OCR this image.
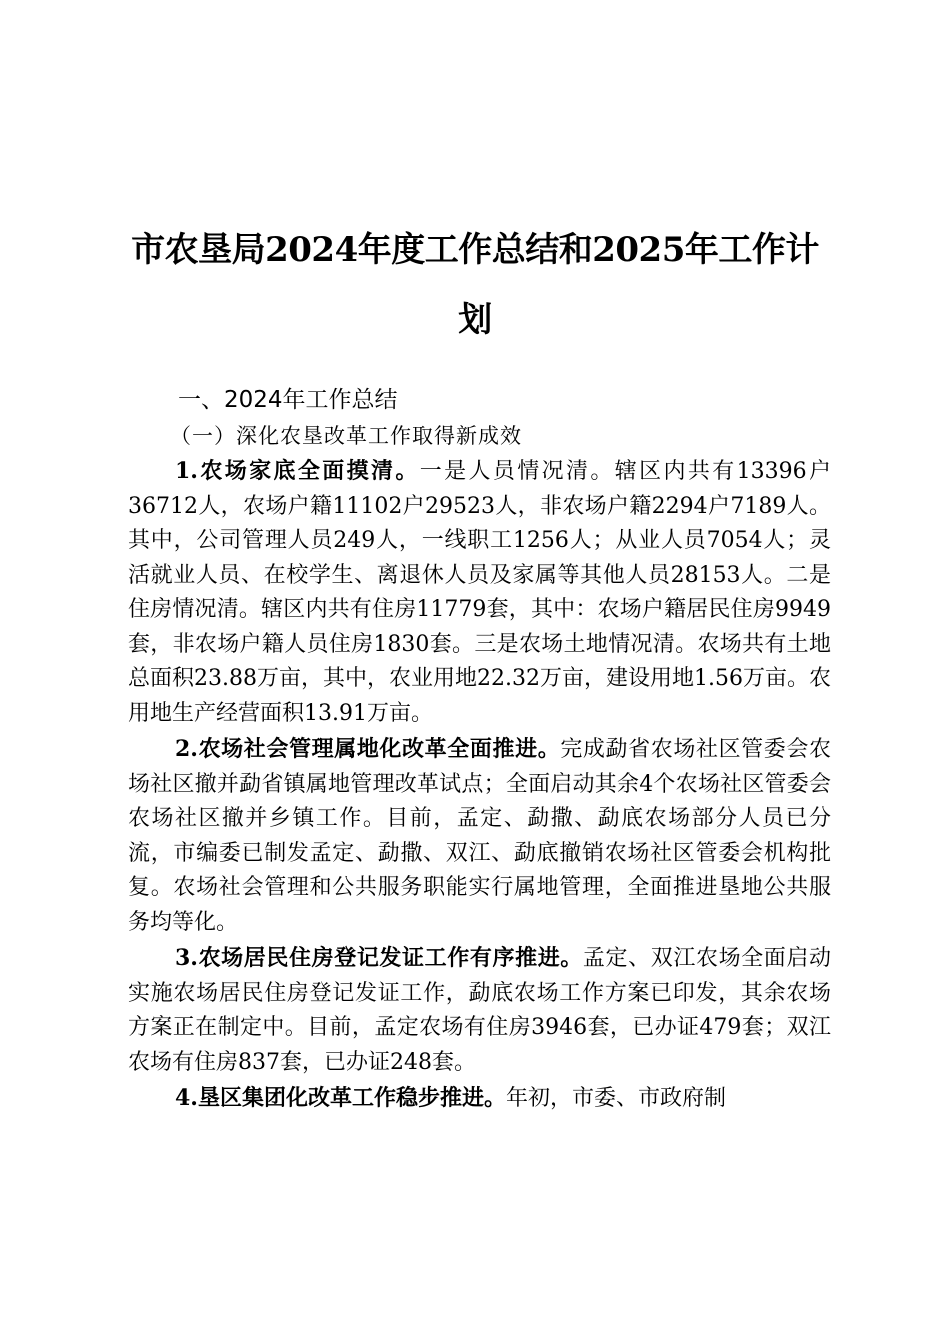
市农垦局2024年度工作总结和2025年工作计划
一、2024年工作总结
（一）深化农垦改革工作取得新成效

1.农场家底全面摸清。一是人员情况清。辖区内共有13396户36712人，农场户籍11102户29523人，非农场户籍2294户7189人。其中，公司管理人员249人，一线职工1256人；从业人员7054人；灵活就业人员、在校学生、离退休人员及家属等其他人员28153人。二是住房情况清。辖区内共有住房11779套，其中：农场户籍居民住房9949套，非农场户籍人员住房1830套。三是农场土地情况清。农场共有土地总面积23.88万亩，其中，农业用地22.32万亩，建设用地1.56万亩。农用地生产经营面积13.91万亩。

2.农场社会管理属地化改革全面推进。完成勐省农场社区管委会农场社区撤并勐省镇属地管理改革试点；全面启动其余4个农场社区管委会农场社区撤并乡镇工作。目前，孟定、勐撒、勐底农场部分人员已分流，市编委已制发孟定、勐撒、双江、勐底撤销农场社区管委会机构批复。农场社会管理和公共服务职能实行属地管理，全面推进垦地公共服务均等化。

3.农场居民住房登记发证工作有序推进。孟定、双江农场全面启动实施农场居民住房登记发证工作，勐底农场工作方案已印发，其余农场方案正在制定中。目前，孟定农场有住房3946套，已办证479套；双江农场有住房837套，已办证248套。

4.垦区集团化改革工作稳步推进。年初，市委、市政府制
